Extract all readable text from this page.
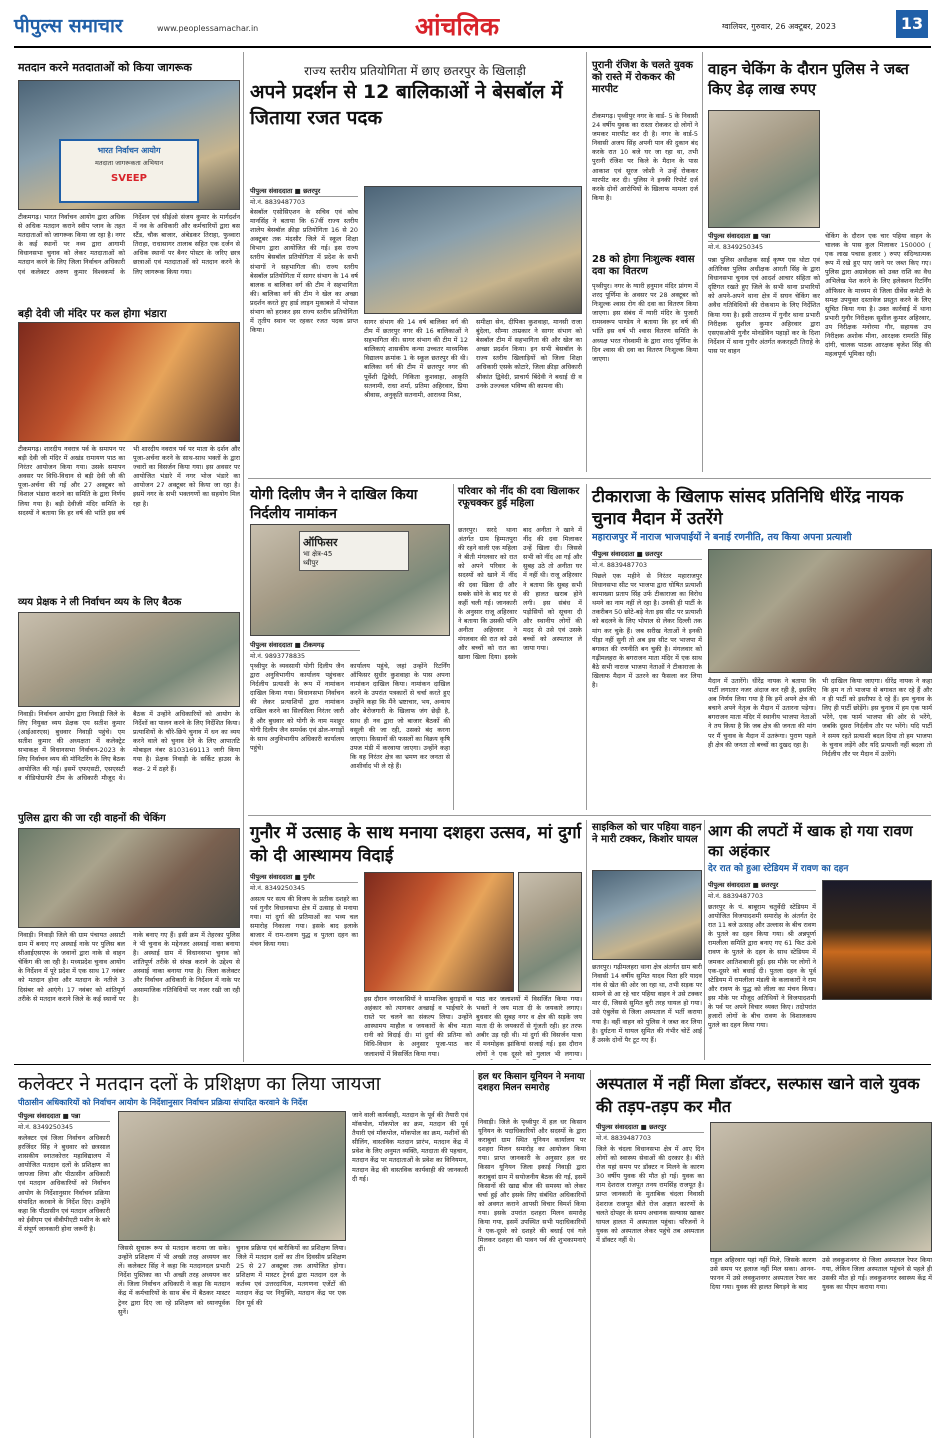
पीपुल्स समाचार	www.peoplessamachar.in	आंचलिक	ग्वालियर, गुरुवार, 26 अक्टूबर, 2023	13
मतदान करने मतदाताओं को किया जागरूक
भारत निर्वाचन आयोग
मतदाता जागरूकता अभियान
SVEEP
टीकमगढ़। भारत निर्वाचन आयोग द्वारा अधिक से अधिक मतदान कराने स्वीप प्लान के तहत मतदाताओं को जागरूक किया जा रहा है। नगर के कई स्थानों पर नव्य द्वारा आगामी विधानसभा चुनाव को लेकर मतदाताओं को मतदान करने के लिए जिला निर्वाचन अधिकारी एवं कलेक्टर अरुण कुमार विश्वकर्मा के निर्देशन एवं सीईओ संजय कुमार के मार्गदर्शन में नव के अधिकारी और कर्मचारियों द्वारा बस स्टैंड, चौक बाजार, अंबेडकर तिराहा, फुव्वारा तिराहा, राधासागर तालाब सहित एक दर्जन से अधिक स्थानों पर बैनर पोस्टर के जरिए छात्र छात्राओं एवं मतदाताओं को मतदान करने के लिए जागरूक किया गया।
बड़ी देवी जी मंदिर पर कल होगा भंडारा
टीकमगढ़। शारदीय नवरात्र पर्व के समापन पर बड़ी देवी जी मंदिर में अखंड रामायण पाठ का निरंतर आयोजन किया गया। उसके समापन अवसर पर विधि-विधान से बड़ी देवी जी की पूजा-अर्चना की गई और 27 अक्टूबर को विशाल भंडारा कराने का समिति के द्वारा निर्णय लिया गया है। बड़ी देवीजी मंदिर समिति के सदस्यों ने बताया कि हर वर्ष की भांति इस वर्ष भी शारदीय नवरात्र पर्व पर माता के दर्शन और पूजा-अर्चना करने के साथ-साथ भक्तों के द्वारा ज्वारों का विसर्जन किया गया। इस अवसर पर आयोजित भंडारे में नगर भोज भंडारे का आयोजन 27 अक्टूबर को किया जा रहा है। इसमें नगर के सभी भक्तगणों का सहयोग मिल रहा है।
व्यय प्रेक्षक ने ली निर्वाचन व्यय के लिए बैठक
निवाड़ी। निर्वाचन आयोग द्वारा निवाड़ी जिले के लिए नियुक्त व्यय प्रेक्षक एम सतीश कुमार (आईआरएस) बुधवार निवाड़ी पहुंचे। एम सतीश कुमार की अध्यक्षता में कलेक्ट्रेट सभाकक्ष में विधानसभा निर्वाचन-2023 के लिए निर्वाचन व्यय की मॉनिटरिंग के लिए बैठक आयोजित की गई। इसमें एफएसटी, एसएसटी व वीडियोग्राफी टीम के अधिकारी मौजूद थे। बैठक में उन्होंने अधिकारियों को आयोग के निर्देशों का पालन करने के लिए निर्देशित किया। प्रत्याशियों के चौरे-छिपे चुनाव में धन का व्यय करने वाले को चुनाव देने के लिए आपातटि मोबाइल नंबर 8103169113 जारी किया गया है। प्रेक्षक निवाड़ी के सर्किट हाउस के कक्ष- 2 में ठहरे हैं।
पुलिस द्वारा की जा रही वाहनों की चेकिंग
निवाड़ी। निवाड़ी जिले की ग्राम पंचायत असाटी ग्राम में बनाए गए अस्थाई नाके पर पुलिस बल सीआईएसएफ के जवानों द्वारा नाके से वाहन चेकिंग की जा रही है। मध्यप्रदेश चुनाव आयोग के निर्देशन में पूरे प्रदेश में एक साथ 17 नवंबर को मतदान होना और मतदान के नतीजे 3 दिसंबर को आएंगे। 17 नवंबर को शांतिपूर्ण तरीके से मतदान कराने जिले के कई स्थानों पर नाके बनाए गए हैं। इसी क्रम में तेहरका पुलिस ने भी चुनाव के मद्देनजर अस्थाई नाका बनाया है। अस्थाई ग्राम में विधानसभा चुनाव को शांतिपूर्ण तरीके से संपन्न कराने के उद्देश्य से अस्थाई नाका बनाया गया है। जिला कलेक्टर और निर्वाचन अधिकारी के निर्देशन में नाके पर असामाजिक गतिविधियों पर नजर रखी जा रही है।
राज्य स्तरीय प्रतियोगिता में छाए छतरपुर के खिलाड़ी
अपने प्रदर्शन से 12 बालिकाओं ने बेसबॉल में जिताया रजत पदक
पीपुल्स संवाददाता ■ छतरपुर
मो.नं. 8839487703
बेसबॉल एसोसिएशन के सचिव एवं कोच मानसिंह ने बताया कि 67वीं राज्य स्तरीय शालेय बेसबॉल क्रीड़ा प्रतियोगिता 16 से 20 अक्टूबर तक मंदसौर जिले में स्कूल शिक्षा विभाग द्वारा आयोजित की गई। इस राज्य स्तरीय बेसबॉल प्रतियोगिता में प्रदेश के सभी संभागों ने सहभागिता की। राज्य स्तरीय बेसबॉल प्रतियोगिता में सागर संभाग के 14 वर्ष बालक व बालिका वर्ग की टीम ने सहभागिता की। बालिका वर्ग की टीम ने खेल का अच्छा प्रदर्शन करते हुए हार्ड लाइन मुकाबले में भोपाल संभाग को हराकर इस राज्य स्तरीय प्रतियोगिता में तृतीय स्थान पर रहकर रजत पदक प्राप्त किया।
सागर संभाग की 14 वर्ष बालिका वर्ग की टीम में छतरपुर नगर की 16 बालिकाओं ने सहभागिता की। सागर संभाग की टीम में 12 बालिकाएं शासकीय कन्या उच्चतर माध्यमिक विद्यालय क्रमांक 1 के स्कूल छतरपुर की थी। बालिका वर्ग की टीम में छतरपुर नगर की पूर्वेशी द्विवेदी, निकिता कुशवाहा, आकृति सतनामी, राधा शर्मा, प्रतिमा अहिरवार, प्रिया श्रीवास, अनुकृति सतनामी, आराध्या मिश्रा,
समीक्षा सेन, दीपिका कुशवाहा, मानसी राजा बुंदेला, सौम्या ताम्रकार ने सागर संभाग को बेसबॉल टीम में सहभागिता की और खेल का अच्छा प्रदर्शन किया। इन सभी बेसबॉल के राज्य स्तरीय खिलाड़ियों को जिला शिक्षा अधिकारी एसके कोटारे, जिला क्रीड़ा अधिकारी श्रीकांत द्विवेदी, प्राचार्य बिंदेवी ने बधाई दी व उनके उज्ज्वल भविष्य की कामना की।
पुरानी रंजिश के चलते युवक को रास्ते में रोककर की मारपीट
टीकमगढ़। पृथ्वीपुर नगर के वार्ड- 5 के निवासी 24 वर्षीय युवक का रास्ता रोककर दो लोगों ने जमकर मारपीट कर दी है। नगर के वार्ड-5 निवासी अजय सिंह अपनी पान की दुकान बंद करके रात 10 बजे घर जा रहा था, तभी पुरानी रंजिश पर किले के मैदान के पास आकाश एवं सूरज जोशी ने उन्हें रोककर मारपीट कर दी। पुलिस ने इनकी रिपोर्ट दर्ज करके दोनों आरोपियों के खिलाफ मामला दर्ज किया है।
28 को होगा निःशुल्क श्वास दवा का वितरण
पृथ्वीपुर। नगर के ग्यारी हनुमान मंदिर प्रांगण में शरद पूर्णिमा के अवसर पर 28 अक्टूबर को निःशुल्क श्वास रोग की दवा का वितरण किया जाएगा। इस संबंध में ग्यारी मंदिर के पुजारी रामस्वरूप पाण्डेय ने बताया कि हर वर्ष की भांति इस वर्ष भी श्वास वितरण समिति के अध्यक्ष भरत गोस्वामी के द्वारा शरद पूर्णिमा के दिन श्वास की दवा का वितरण निःशुल्क किया जाएगा।
वाहन चेकिंग के दौरान पुलिस ने जब्त किए डेढ़ लाख रुपए
पीपुल्स संवाददाता ■ पन्ना
मो.नं. 8349250345
चेकिंग के दौरान एक चार पहिया वाहन के चालक के पास कुल मिलाकर 150000 ( एक लाख पचास हजार ) रुपए संदिग्धात्मक रूप में रखे हुए पाए जाने पर जब्त किए गए। पुलिस द्वारा अग्रावेदक को उक्त राशि का वैध अभिलेख पेश करने के लिए इलेक्शन रिटर्निंग ऑफिसर के माध्यम से जिला ग्रीवेंस कमेटी के समक्ष उपयुक्त दस्तावेज प्रस्तुत करने के लिए सूचित किया गया है। उक्त कार्रवाई में थाना प्रभारी गुनौर निरीक्षक सुशील कुमार अहिरवार, उप निरीक्षक मनोरमा गौर, सहायक उप निरीक्षक अशोक मीना, आरक्षक रामरति सिंह दांगी, चालक पाठक आरक्षक बृजेश सिंह की महत्वपूर्ण भूमिका रही।
पन्ना पुलिस अधीक्षक साईं कृष्ण एस थोटा एवं अतिरिक्त पुलिस अधीक्षक आरती सिंह के द्वारा विधानसभा चुनाव एवं आदर्श आचार संहिता को दृष्टिगत रखते हुए जिले के सभी थाना प्रभारियों को अपने-अपने थाना क्षेत्र में सघन चेकिंग कर अवैध गतिविधियों की रोकथाम के लिए निर्देशित किया गया है। इसी तारतम्य में गुनौर थाना प्रभारी निरीक्षक सुशील कुमार अहिरवार द्वारा एसएसओपी गुनौर मोनडेविन पहाड़ों कर के दिशा निर्देशन में थाना गुनौर अंतर्गत ककरहटी तिराहे के पास पर वाहन
योगी दिलीप जैन ने दाखिल किया निर्दलीय नामांकन
ऑफिसर
भा क्षेत्र-45
थ्वीपुर
पीपुल्स संवाददाता ■ टीकमगढ़
मो.नं. 9893778835
पृथ्वीपुर के व्यवसायी योगी दिलीप जैन द्वारा अनुविभागीय कार्यालय पहुंचकर निर्दलीय प्रत्याशी के रूप में नामांकन दाखिल किया गया। विधानसभा निर्वाचन की लेकर प्रत्याशियों द्वारा नामांकन दाखिल करने का सिलसिला निरंतर जारी है और बुधवार को योगी के नाम मशहूर योगी दिलीप जैन समर्थक एवं ढोल-नगाड़ों के साथ अनुविभागीय अधिकारी कार्यालय पहुंचे।
कार्यालय पहुंचे, जहां उन्होंने रिटर्निंग ऑफिसर सुधीर कुशवाहा के पास अपना नामांकन दाखिल किया। नामांकन दाखिल करने के उपरांत पत्रकारों से चर्चा करते हुए उन्होंने कहा कि मैंने भ्रष्टाचार, भय, अन्याय और बेरोजगारी के खिलाफ जंग छेड़ी है, साथ ही नव द्वारा जो बाजार बैठकों की वसूली की जा रही, उसको बंद करना जाएगा। किसानों की फसलों का विक्रय कृषि उपज मंडी में करवाया जाएगा। उन्होंने कहा कि वह निरंतर क्षेत्र का भ्रमण कर जनता से आशीर्वाद भी ले रहे हैं।
परिवार को नींद की दवा खिलाकर रफूचक्कर हुई महिला
छतरपुर। सरदे थाना अंतर्गत ग्राम हिम्मतपुरा की रहने वाली एक महिला ने बीती मंगलवार को रात को अपने परिवार के सदस्यों को खाने में नींद की दवा खिला दी और सबके सोने के बाद घर से कहीं चली गई। जानकारी के अनुसार राजू अहिरवार ने बताया कि उसकी पत्नि अनीता अहिरवार ने मंगलवार की रात को उसे और बच्चों को रात का खाना खिला दिया। इसके बाद अनीता ने खाने में नींद की दवा मिलाकर उन्हें खिला दी। जिससे सभी को नींद आ गई और सुबह उठे तो अनीता घर में नहीं थी। राजू अहिरवार ने बताया कि सुबह सभी की हालत खराब होने लगी। इस संबंध में पड़ोसियों को सूचना दी और स्थानीय लोगों की मदद से उसे एवं उसके बच्चों को अस्पताल ले जाया गया।
टीकाराजा के खिलाफ सांसद प्रतिनिधि धीरेंद्र नायक चुनाव मैदान में उतरेंगे
महाराजपुर में नाराज भाजपाईयों ने बनाई रणनीति, तय किया अपना प्रत्याशी
पीपुल्स संवाददाता ■ छतरपुर
मो.नं. 8839487703
पिछले एक महीने से निरंतर महाराजपुर विधानसभा सीट पर भाजपा द्वारा घोषित प्रत्याशी कामाख्या प्रताप सिंह उर्फ टीकाराजा का विरोध थमने का नाम नहीं ले रहा है। उनकी ही पार्टी के तकरीबन 50 छोटे-बड़े नेता इस सीट पर प्रत्याशी को बदलने के लिए भोपाल से लेकर दिल्ली तक मांग कर चुके हैं। जब सरीख नेताओं ने इनकी पीड़ा नहीं सुनी तो अब इस सीट पर भाजपा में बगावत की रणनीति बन चुकी है। मंगलवार को गढ़ीमलहरा के बगराजन माता मंदिर में एक साथ बैठे सभी नाराज भाजपा नेताओं ने टीकाराजा के खिलाफ मैदान में उतरने का फैसला कर लिया है।
मैदान में उतारेंगे। धीरेंद्र नायक ने बताया कि पार्टी लगातार नजर अंदाज कर रही है, इसलिए अब निर्णय लिया गया है कि हमें अपने क्षेत्र की बचाने अपने नेतृत्व के मैदान में उतारना पड़ेगा। बगराजन माता मंदिर में स्थानीय भाजपा नेताओं ने तय किया है कि जब क्षेत्र की जनता की मांग पर मैं चुनाव के मैदान में उतरूंगा। पुराण पहले ही क्षेत्र की जनता तो बच्चों का दुखद रहा है।
भी दाखिल किया जाएगा। धीरेंद्र नायक ने कहा कि हम न तो भाजपा से बगावत कर रहे हैं और न ही पार्टी को इस्तीफा दे रहे हैं। हम चुनाव के लिए ही पार्टी छोड़ेंगे। इस चुनाव में हम एक फार्म भरेंगे, एक फार्म भाजपा की ओर से भरेंगे, जबकि दूसरा निर्दलीय तौर पर भरेंगे। यदि पार्टी ने समय रहते प्रत्याशी बदल दिया तो हम भाजपा के चुनाव लड़ेंगे और यदि प्रत्याशी नहीं बदला तो निर्दलीय तौर पर मैदान में उतरेंगे।
गुनौर में उत्साह के साथ मनाया दशहरा उत्सव, मां दुर्गा को दी आस्थामय विदाई
पीपुल्स संवाददाता ■ गुनौर
मो.नं. 8349250345
असत्य पर सत्य की विजय के प्रतीक दशहरे का पर्व गुनौर विधानसभा क्षेत्र में उत्साह से मनाया गया। मां दुर्गा की प्रतिमाओं का भव्य चल समारोह निकाला गया। इसके बाद इलाके बाजार में राम-रावण युद्ध व पुतला दहन का मंचन किया गया।
इस दौरान नगरवासियों ने सामाजिक बुराइयों व अहंकार को त्यागकर अच्छाई व भाईचारे के रास्ते पर चलने का संकल्प लिया। उन्होंने आस्थामय माहौल व जयकारों के बीच माता रानी को विदाई दी। मां दुर्गा की प्रतिमा को विधि-विधान के अनुसार पूजा-पाठ कर जलाशयों में विसर्जित किया गया।
पाठ कर जलाशयों में विसर्जित किया गया। भक्तों ने जय माता दी के जयकारे लगाए। बुधवार की सुबह नगर व क्षेत्र की सड़कें जय माता दी के जयकारों से गूंजती रही। हर तरफ अबीर उड़ रही थी। मां दुर्गा की विसर्जन यात्रा में मनमोहक झांकियां सजाई गई। इस दौरान लोगों ने एक दूसरे को गुलाल भी लगाया।
साइकिल को चार पहिया वाहन ने मारी टक्कर, किशोर घायल
छतरपुर। गढ़ीमलहरा थाना क्षेत्र अंतर्गत ग्राम बारी निवासी 14 वर्षीय सुमित यादव पिता हरि यादव गांव से खेत की ओर जा रहा था, तभी सड़क पर सामने से आ रहे चार पहिया वाहन ने उसे टक्कर मार दी, जिससे सुमित बुरी तरह घायल हो गया। उसे एंबुलेंस से जिला अस्पताल में भर्ती कराया गया है। वहीं वाहन को पुलिस ने जब्त कर लिया है। दुर्घटना में घायल सुमित की गंभीर चोटें आई हैं उसके दोनों पैर टूट गए हैं।
आग की लपटों में खाक हो गया रावण का अहंकार
देर रात को हुआ स्टेडियम में रावण का दहन
पीपुल्स संवाददाता ■ छतरपुर
मो.नं. 8839487703
छतरपुर के पं. बाबूराम चतुर्वेदी स्टेडियम में आयोजित विजयादशमी समारोह के अंतर्गत देर रात 11 बजे उत्साह और उल्लास के बीच रावण के पुतले का दहन किया गया। श्री अन्नपूर्णा रामलीला समिति द्वारा बनाए गए 61 फिट ऊंचे रावण के पुतले के दहन के साथ स्टेडियम में जमकर आतिशबाजी हुई। इस मौके पर लोगों ने एक-दूसरे को बधाई दी। पुतला दहन के पूर्व स्टेडियम में रामलीला मंडली के कलाकारों ने राम और रावण के युद्ध को लीला का मंचन किया। इस मौके पर मौजूद अतिथियों ने विजयादशमी के पर्व पर अपने विचार व्यक्त किए। तदोपरांत हजारों लोगों के बीच रावण के विशालकाय पुतले का दहन किया गया।
कलेक्टर ने मतदान दलों के प्रशिक्षण का लिया जायजा
पीठासीन अधिकारियों को निर्वाचन आयोग के निर्देशानुसार निर्वाचन प्रक्रिया संपादित करवाने के निर्देश
पीपुल्स संवाददाता ■ पन्ना
मो.नं. 8349250345
कलेक्टर एवं जिला निर्वाचन अधिकारी हरजिंदर सिंह ने बुधवार को छत्रसाल शासकीय स्नातकोत्तर महाविद्यालय में आयोजित मतदान दलों के प्रशिक्षण का जायजा लिया और पीठासीन अधिकारी एवं मतदान अधिकारियों को निर्वाचन आयोग के निर्देशानुसार निर्वाचन प्रक्रिया संपादित करवाने के निर्देश दिए। उन्होंने कहा कि पीठासीन एवं मतदान अधिकारी को ईवीएम एवं वीवीपीएटी मशीन के बारे में संपूर्ण जानकारी होना जरूरी है।
जिससे सुचारू रूप से मतदान कराया जा सके। उन्होंने प्रशिक्षण में भी अच्छी तरह अध्ययन कर लें। कलेक्टर सिंह ने कहा कि मतदानदल प्रभारी निर्देश पुस्तिका का भी अच्छी तरह अध्ययन कर लें। जिला निर्वाचन अधिकारी ने कहा कि मतदान केंद्र में कर्मचारियों के साथ बेंच में बैठकर मास्टर ट्रेनर द्वारा दिए जा रहे प्रशिक्षण को ध्यानपूर्वक सुनें।
चुनाव प्रक्रिया एवं बारीकियों का प्रशिक्षण लिया। जिले में मतदान दलों का तीन दिवसीय प्रशिक्षण 25 से 27 अक्टूबर तक आयोजित होगा। प्रशिक्षण में मास्टर ट्रेनर्स द्वारा मतदान दल के कर्तव्य एवं उत्तरदायित्व, मतगणना एजेंटों की मतदान केंद्र पर नियुक्ति, मतदान केंद्र पर एक दिन पूर्व की
जाने वाली कार्यवाही, मतदान के पूर्व की तैयारी एवं मॉकपोल, मॉकपोल का क्रम, मतदान की पूर्व तैयारी एवं मॉकपोल, मॉकपोल का क्रम, मशीनों की सीलिंग, वास्तविक मतदान प्रारंभ, मतदान केंद्र में प्रवेश के लिए अनुमत व्यक्ति, मतदाता की पहचान, मतदान केंद्र पर मतदाताओं के प्रवेश का विनियमन, मतदान केंद्र की वास्तविक कार्यवाही की जानकारी दी गई।
हल धर किसान यूनियन ने मनाया दशहरा मिलन समारोह
निवाड़ी। जिले के पृथ्वीपुर में हल धर किसान यूनियन के पदाधिकारियों और सदस्यों के द्वारा कराबुवां ग्राम स्थित यूनियन कार्यालय पर दशहरा मिलन समारोह का आयोजन किया गया। प्राप्त जानकारी के अनुसार हल धर किसान यूनियन जिला इकाई निवाड़ी द्वारा कराबुवां ग्राम में सयोजनीय बैठक की गई, इसमें किसानों की खाद्य बीज की समस्या को लेकर चर्चा हुई और इसके लिए संबंधित अधिकारियों को अवगत कराने आपसी विचार विमर्श किया गया। इसके उपरांत दशहरा मिलन समारोह किया गया, इसमें उपस्थित सभी पदाधिकारियों ने एक-दूसरे को दशहरे की बधाई एवं गले मिलकर दशहरा की पावन पर्व की शुभकामनाएं दीं।
अस्पताल में नहीं मिला डॉक्टर, सल्फास खाने वाले युवक की तड़प-तड़प कर मौत
पीपुल्स संवाददाता ■ छतरपुर
मो.नं. 8839487703
जिले के चंदला विधानसभा क्षेत्र में आए दिन लोगों को स्वास्थ्य सेवाओं की दरकार है। बीते रोज यहां समय पर डॉक्टर न मिलने के कारण 30 वर्षीय युवक की मौत हो गई। युवक का नाम देशराज राजपूत तनय रामसिंह राजपूत है। प्राप्त जानकारी के मुताबिक चंदला निवासी देशराज राजपूत बीते रोज अज्ञात कारणों के चलते दोपहर के समय अचानक सल्फास खाकर घायल हालत में अस्पताल पहुंचा। परिजनों ने युवक को अस्पताल लेकर पहुंचे तब अस्पताल में डॉक्टर नहीं थे।
राहुल अहिरवार यहां नहीं मिले, जिसके कारण उसे समय पर इलाज नहीं मिल सका। आनन-फानन में उसे लवकुशनगर अस्पताल रेफर कर दिया गया। युवक की हालत बिगड़ने के बाद
उसे लवकुशनगर से जिला अस्पताल रेफर किया गया, लेकिन जिला अस्पताल पहुंचने से पहले ही उसकी मौत हो गई। लवकुशनगर स्वास्थ्य केंद्र में युवक का पीएम कराया गया।
